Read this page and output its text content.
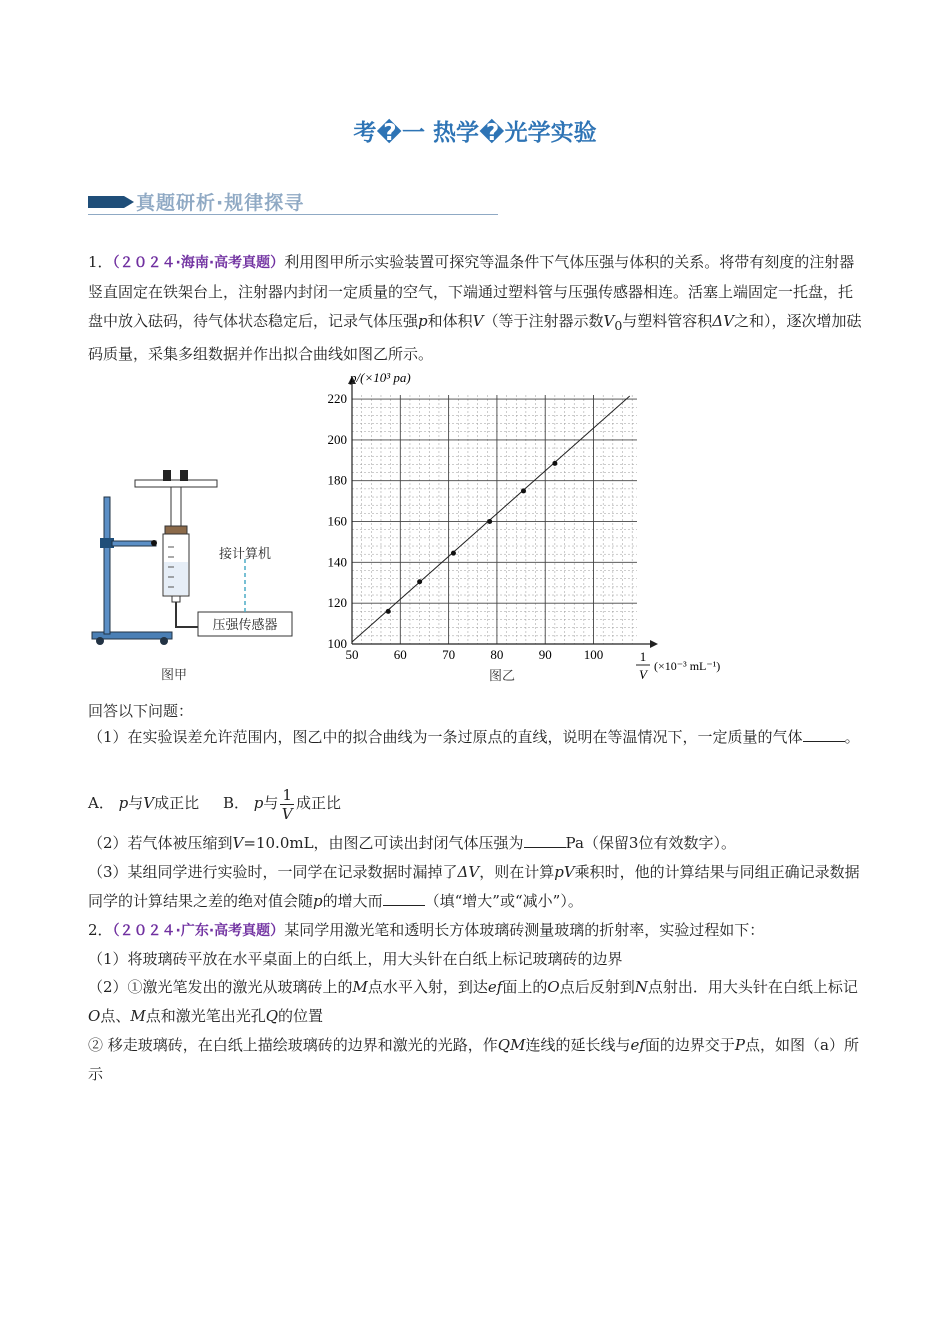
考�一 热学�光学实验
真题研析·规律探寻
1．（２０２４·海南·高考真题）利用图甲所示实验装置可探究等温条件下气体压强与体积的关系。将带有刻度的注射器竖直固定在铁架台上，注射器内封闭一定质量的空气，下端通过塑料管与压强传感器相连。活塞上端固定一托盘，托盘中放入砝码，待气体状态稳定后，记录气体压强p和体积V（等于注射器示数$V_0$与塑料管容积ΔV之和），逐次增加砝码质量，采集多组数据并作出拟合曲线如图乙所示。
压强传感器
接计算机
图甲
50	60	70	80	90 100
100
120
140
160
180
200
220
p/(×10³ pa)
1
V
(×10⁻³ mL⁻¹)
图乙
回答以下问题：
（1）在实验误差允许范围内，图乙中的拟合曲线为一条过原点的直线，说明在等温情况下，一定质量的气体	。
A． p与V成正比 B． p与 $\frac{1}{V}$ 成正比
（2）若气体被压缩到V=10.0mL，由图乙可读出封闭气体压强为	Pa（保留3位有效数字）。
（3）某组同学进行实验时，一同学在记录数据时漏掉了ΔV，则在计算pV乘积时，他的计算结果与同组正确记录数据同学的计算结果之差的绝对值会随p的增大而	（填“增大”或“减小”）。
2．（２０２４·广东·高考真题）某同学用激光笔和透明长方体玻璃砖测量玻璃的折射率，实验过程如下：
（1）将玻璃砖平放在水平桌面上的白纸上，用大头针在白纸上标记玻璃砖的边界
（2）①激光笔发出的激光从玻璃砖上的M点水平入射，到达ef面上的O点后反射到N点射出．用大头针在白纸上标记O点、M点和激光笔出光孔Q的位置
② 移走玻璃砖，在白纸上描绘玻璃砖的边界和激光的光路，作QM连线的延长线与ef面的边界交于P点，如图（a）所示
